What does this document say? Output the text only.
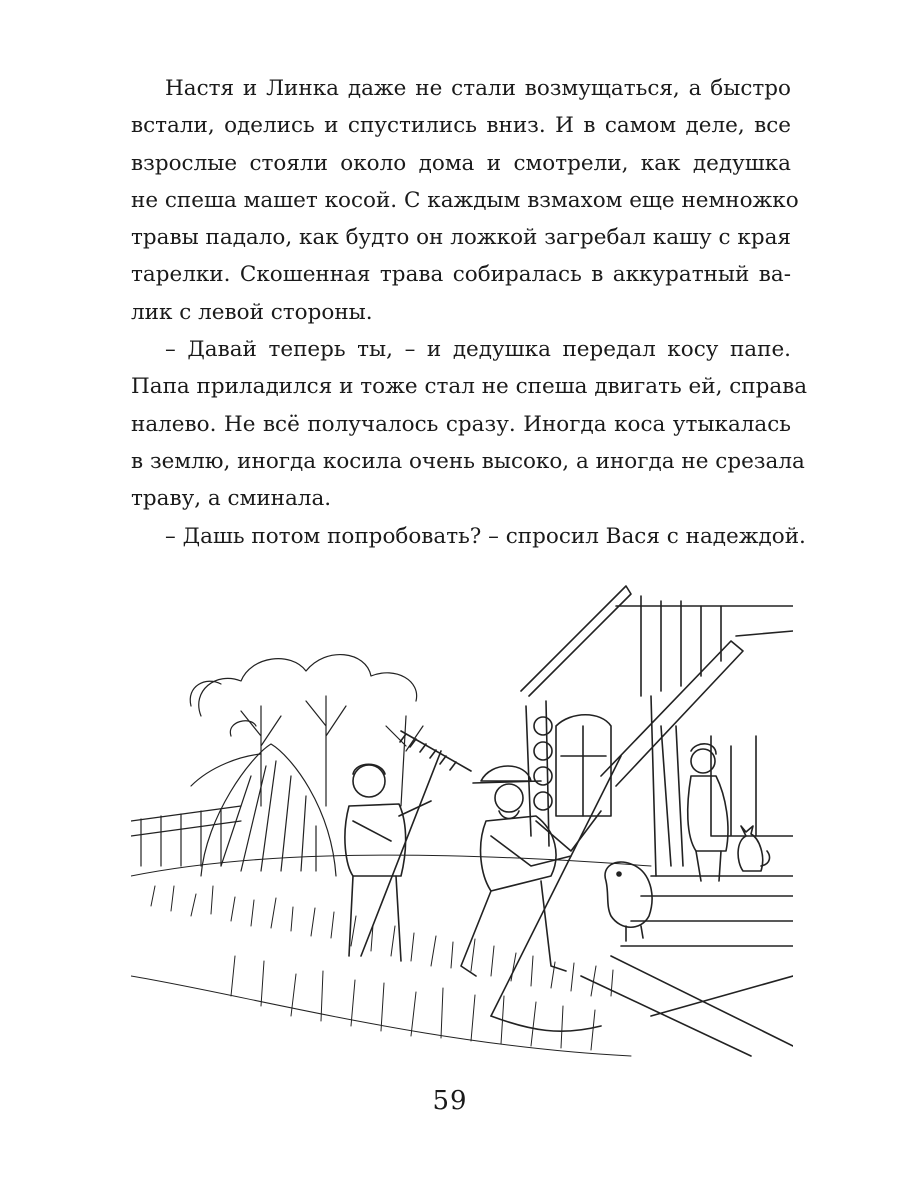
Настя и Линка даже не стали возмущаться, а быстро
встали, оделись и спустились вниз. И в самом деле, все
взрослые стояли около дома и смотрели, как дедушка
не спеша машет косой. С каждым взмахом еще немножко
травы падало, как будто он ложкой загребал кашу с края
тарелки. Скошенная трава собиралась в аккуратный ва-
лик с левой стороны.
– Давай теперь ты, – и дедушка передал косу папе.
Папа приладился и тоже стал не спеша двигать ей, справа
налево. Не всё получалось сразу. Иногда коса утыкалась
в землю, иногда косила очень высоко, а иногда не срезала
траву, а сминала.
– Дашь потом попробовать? – спросил Вася с надеждой.
59
